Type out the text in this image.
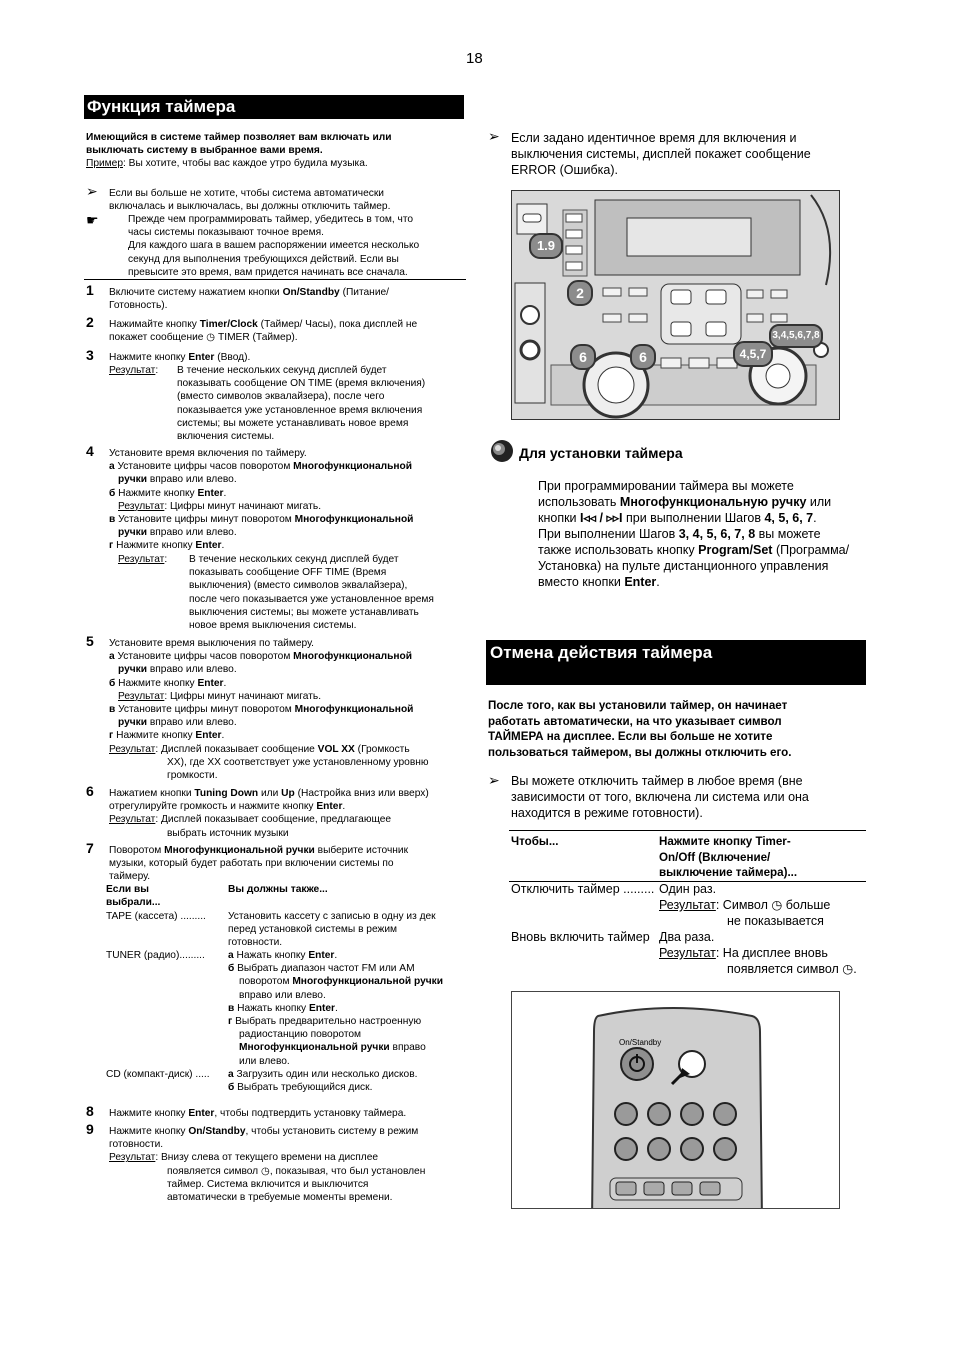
18
Функция таймера
Имеющийся в системе таймер позволяет вам включать или
выключать систему в выбранное вами время.
Пример: Вы хотите, чтобы вас каждое утро будила музыка.
➢ Если вы больше не хотите, чтобы система автоматически
включалась и выключалась, вы должны отключить таймер.
☛	Прежде чем программировать таймер, убедитесь в том, что
часы системы показывают точное время.
Для каждого шага в вашем распоряжении имеется несколько
секунд для выполнения требующихся действий. Если вы
превысите это время, вам придется начинать все сначала.
1 Включите систему нажатием кнопки On/Standby (Питание/
Готовность).
2 Нажимайте кнопку Timer/Clock (Таймер/ Часы), пока дисплей не
покажет сообщение ◷ TIMER (Таймер).
3 Нажмите кнопку Enter (Ввод).
Результат:	В течение нескольких секунд дисплей будет
показывать сообщение ON TIME (время включения)
(вместо символов эквалайзера), после чего
показывается уже установленное время включения
системы; вы можете устанавливать новое время
включения системы.
4 Установите время включения по таймеру.
а Установите цифры часов поворотом Многофункциональной
ручки вправо или влево.
б Нажмите кнопку Enter.
Результат: Цифры минут начинают мигать.
в Установите цифры минут поворотом Многофункциональной
ручки вправо или влево.
г Нажмите кнопку Enter.
Результат:	В течение нескольких секунд дисплей будет
показывать сообщение OFF TIME (Время
выключения) (вместо символов эквалайзера),
после чего показывается уже установленное время
выключения системы; вы можете устанавливать
новое время выключения системы.
5 Установите время выключения по таймеру.
а Установите цифры часов поворотом Многофункциональной
ручки вправо или влево.
б Нажмите кнопку Enter.
Результат: Цифры минут начинают мигать.
в Установите цифры минут поворотом Многофункциональной
ручки вправо или влево.
г Нажмите кнопку Enter.
Результат: Дисплей показывает сообщение VOL XX (Громкость
XX), где XX соответствует уже установленному уровню
громкости.
6 Нажатием кнопки Tuning Down или Up (Настройка вниз или вверх)
отрегулируйте громкость и нажмите кнопку Enter.
Результат: Дисплей показывает сообщение, предлагающее
выбрать источник музыки
7 Поворотом Многофункциональной ручки выберите источник
музыки, который будет работать при включении системы по
таймеру.
Если вы
выбрали...
Вы должны также...
TAPE (кассета) ......... Установить кассету с записью в одну из дек
перед установкой системы в режим
готовности.
TUNER (радио)......... а Нажать кнопку Enter.
б Выбрать диапазон частот FM или AM
поворотом Многофункциональной ручки
вправо или влево.
в Нажать кнопку Enter.
г Выбрать предварительно настроенную
радиостанцию поворотом
Многофункциональной ручки вправо
или влево.
CD (компакт-диск) ..... а Загрузить один или несколько дисков.
б Выбрать требующийся диск.
8 Нажмите кнопку Enter, чтобы подтвердить установку таймера.
9 Нажмите кнопку On/Standby, чтобы установить систему в режим
готовности.
Результат: Внизу слева от текущего времени на дисплее
появляется символ ◷, показывая, что был установлен
таймер. Система включится и выключится
автоматически в требуемые моменты времени.
➢ Если задано идентичное время для включения и
выключения системы, дисплей покажет сообщение
ERROR (Ошибка).
1.9
2
6	6	4,5,7
3,4,5,6,7,8
Для установки таймера
При программировании таймера вы можете
использовать Многофункциональную ручку или
кнопки I◃◃ / ▹▹I при выполнении Шагов 4, 5, 6, 7.
При выполнении Шагов 3, 4, 5, 6, 7, 8 вы можете
также использовать кнопку Program/Set (Программа/
Установка) на пульте дистанционного управления
вместо кнопки Enter.
Отмена действия таймера
После того, как вы установили таймер, он начинает
работать автоматически, на что указывает символ
ТАЙМЕРА на дисплее. Если вы больше не хотите
пользоваться таймером, вы должны отключить его.
➢ Вы можете отключить таймер в любое время (вне
зависимости от того, включена ли система или она
находится в режиме готовности).
Чтобы...	Нажмите кнопку Timer-
On/Off (Включение/
выключение таймера)...
Отключить таймер ......... Один раз.
Результат: Символ ◷ больше
не показывается
Вновь включить таймер Два раза.
Результат: На дисплее вновь
появляется символ ◷.
On/Standby
